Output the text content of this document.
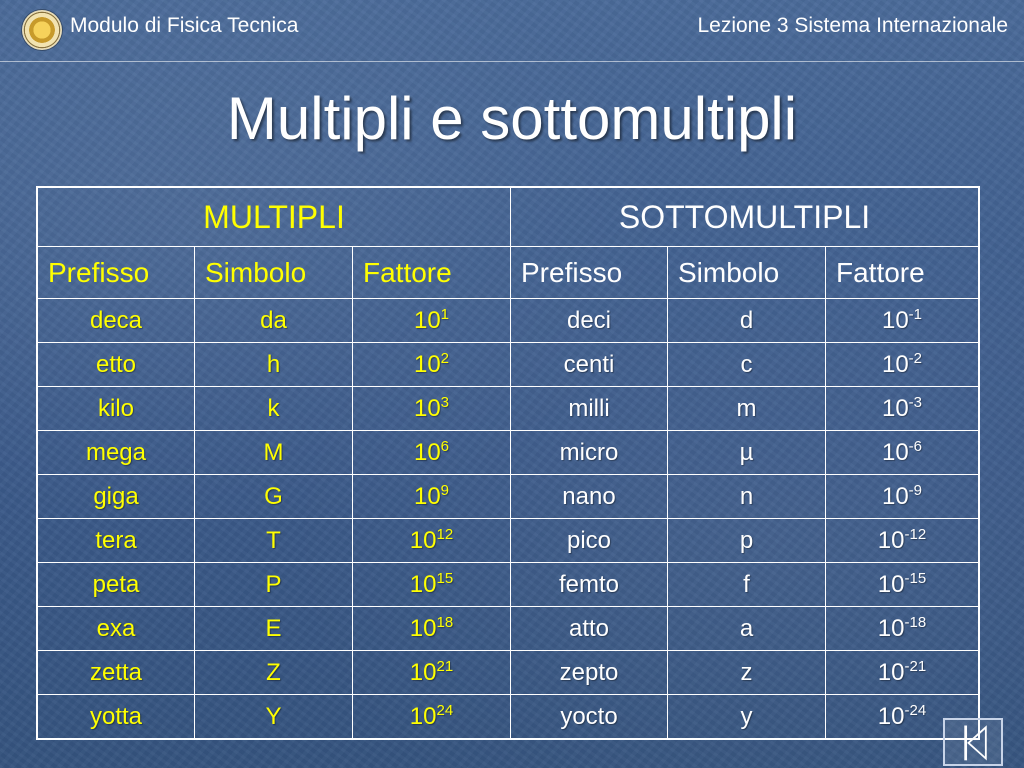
Modulo di Fisica Tecnica	Lezione 3 Sistema Internazionale
Multipli e sottomultipli
MULTIPLI			SOTTOMULTIPLI		
Prefisso	Simbolo	Fattore	Prefisso	Simbolo	Fattore
deca	da	$10^1$	deci	d	$10^{-1}$
etto	h	$10^2$	centi	c	$10^{-2}$
kilo	k	$10^3$	milli	m	$10^{-3}$
mega	M	$10^6$	micro	µ	$10^{-6}$
giga	G	$10^9$	nano	n	$10^{-9}$
tera	T	$10^{12}$	pico	p	$10^{-12}$
peta	P	$10^{15}$	femto	f	$10^{-15}$
exa	E	$10^{18}$	atto	a	$10^{-18}$
zetta	Z	$10^{21}$	zepto	z	$10^{-21}$
yotta	Y	$10^{24}$	yocto	y	$10^{-24}$
